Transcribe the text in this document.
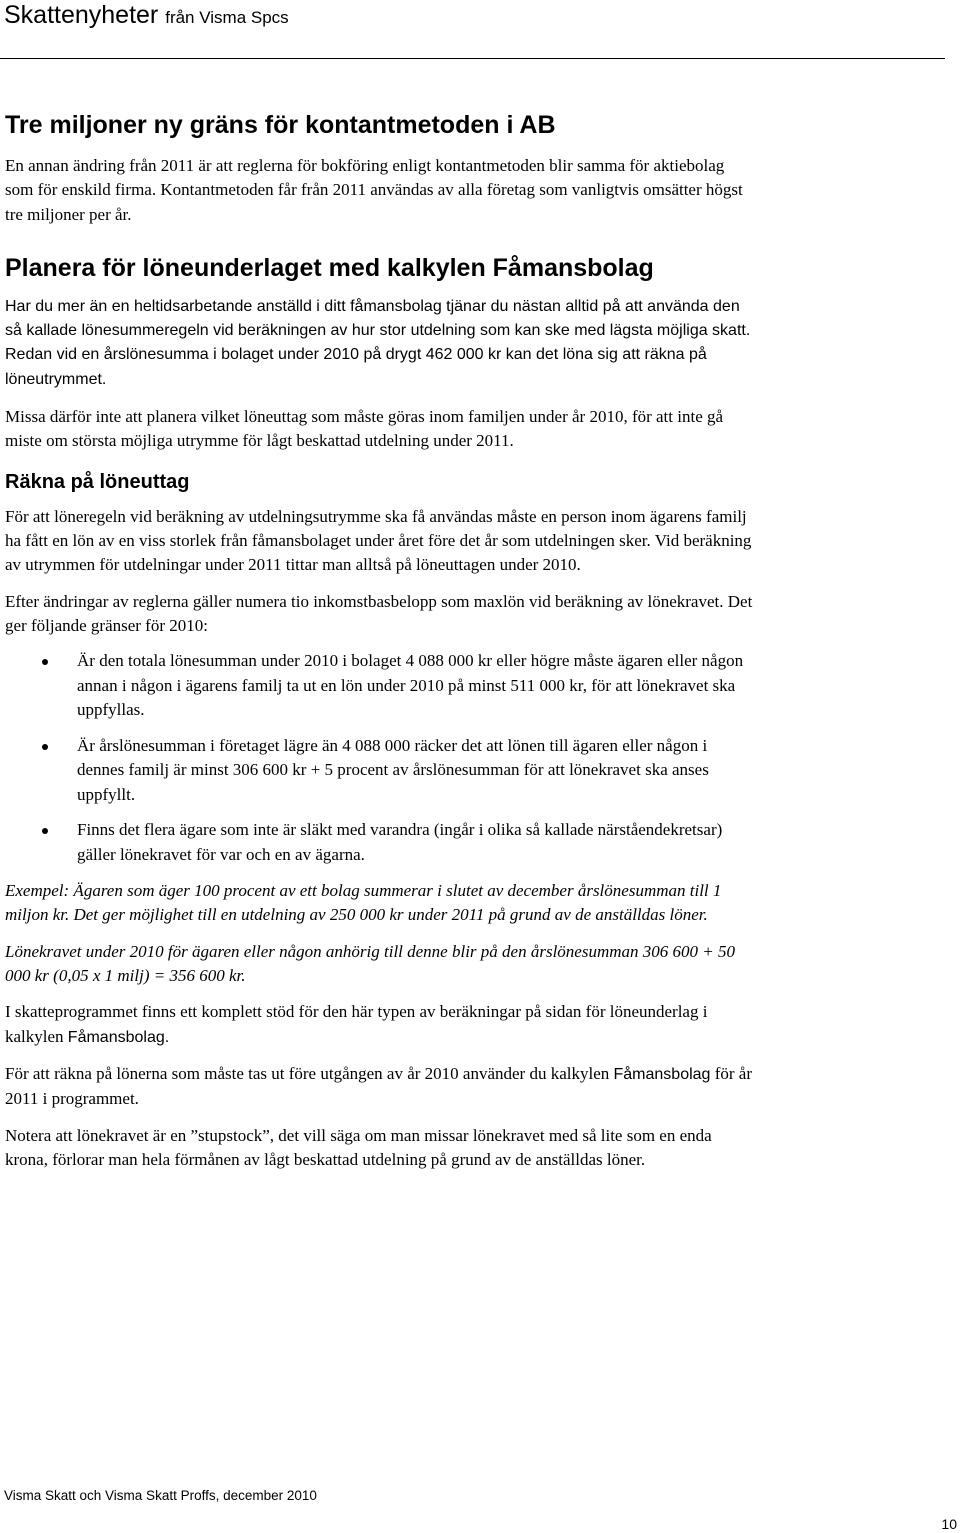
Skattenyheter från Visma Spcs
Tre miljoner ny gräns för kontantmetoden i AB

En annan ändring från 2011 är att reglerna för bokföring enligt kontantmetoden blir samma för aktiebolag som för enskild firma. Kontantmetoden får från 2011 användas av alla företag som vanligtvis omsätter högst tre miljoner per år.

Planera för löneunderlaget med kalkylen Fåmansbolag

Har du mer än en heltidsarbetande anställd i ditt fåmansbolag tjänar du nästan alltid på att använda den så kallade lönesummeregeln vid beräkningen av hur stor utdelning som kan ske med lägsta möjliga skatt. Redan vid en årslönesumma i bolaget under 2010 på drygt 462 000 kr kan det löna sig att räkna på löneutrymmet.

Missa därför inte att planera vilket löneuttag som måste göras inom familjen under år 2010, för att inte gå miste om största möjliga utrymme för lågt beskattad utdelning under 2011.

Räkna på löneuttag

För att löneregeln vid beräkning av utdelningsutrymme ska få användas måste en person inom ägarens familj ha fått en lön av en viss storlek från fåmansbolaget under året före det år som utdelningen sker. Vid beräkning av utrymmen för utdelningar under 2011 tittar man alltså på löneuttagen under 2010.

Efter ändringar av reglerna gäller numera tio inkomstbasbelopp som maxlön vid beräkning av lönekravet. Det ger följande gränser för 2010:

Är den totala lönesumman under 2010 i bolaget 4 088 000 kr eller högre måste ägaren eller någon annan i någon i ägarens familj ta ut en lön under 2010 på minst 511 000 kr, för att lönekravet ska uppfyllas.
Är årslönesumman i företaget lägre än 4 088 000 räcker det att lönen till ägaren eller någon i dennes familj är minst 306 600 kr + 5 procent av årslönesumman för att lönekravet ska anses uppfyllt.
Finns det flera ägare som inte är släkt med varandra (ingår i olika så kallade närståendekretsar) gäller lönekravet för var och en av ägarna.

Exempel: Ägaren som äger 100 procent av ett bolag summerar i slutet av december årslönesumman till 1 miljon kr. Det ger möjlighet till en utdelning av 250 000 kr under 2011 på grund av de anställdas löner.

Lönekravet under 2010 för ägaren eller någon anhörig till denne blir på den årslönesumman 306 600 + 50 000 kr (0,05 x 1 milj) = 356 600 kr.

I skatteprogrammet finns ett komplett stöd för den här typen av beräkningar på sidan för löneunderlag i kalkylen Fåmansbolag.

För att räkna på lönerna som måste tas ut före utgången av år 2010 använder du kalkylen Fåmansbolag för år 2011 i programmet.

Notera att lönekravet är en ”stupstock”, det vill säga om man missar lönekravet med så lite som en enda krona, förlorar man hela förmånen av lågt beskattad utdelning på grund av de anställdas löner.

Visma Skatt och Visma Skatt Proffs, december 2010
10
